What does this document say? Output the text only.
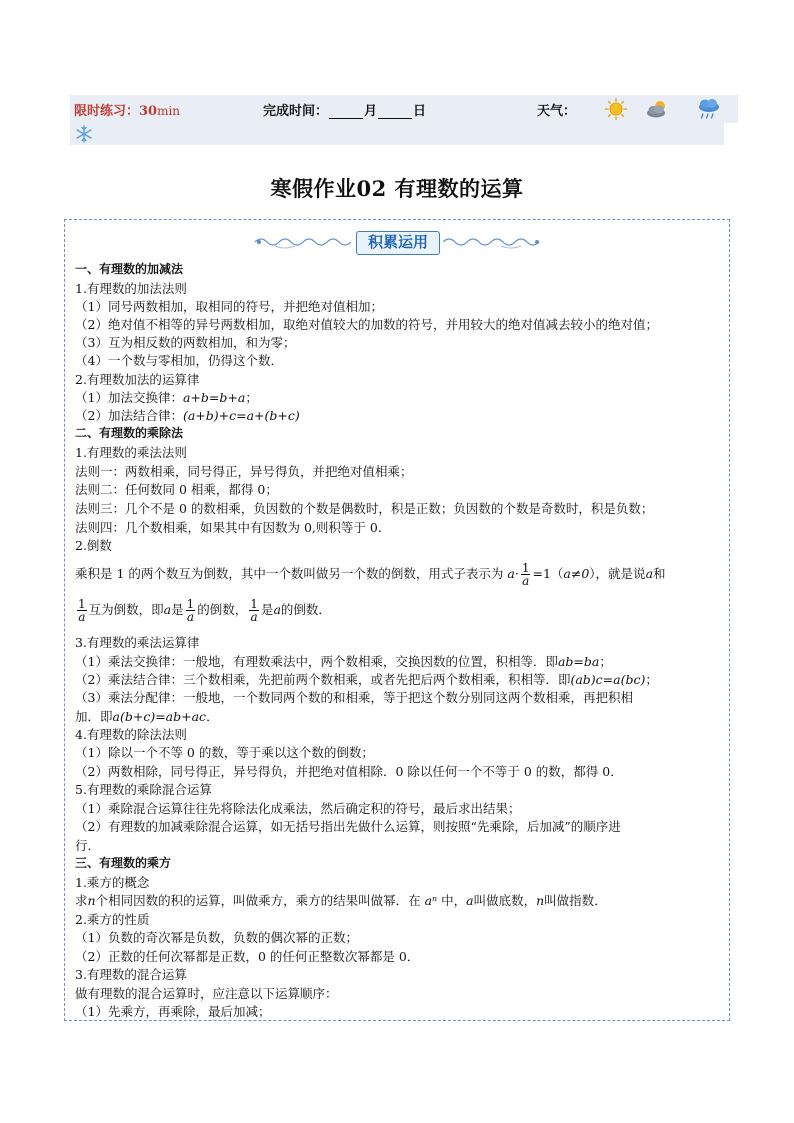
限时练习：30min	完成时间：	月	日	天气：
寒假作业02 有理数的运算
积累运用
一、有理数的加减法
1.有理数的加法法则
（1）同号两数相加，取相同的符号，并把绝对值相加；
（2）绝对值不相等的异号两数相加，取绝对值较大的加数的符号，并用较大的绝对值减去较小的绝对值；
（3）互为相反数的两数相加，和为零；
（4）一个数与零相加，仍得这个数．
2.有理数加法的运算律
（1）加法交换律：a+b=b+a；
（2）加法结合律：(a+b)+c=a+(b+c)
二、有理数的乘除法
1.有理数的乘法法则
法则一：两数相乘，同号得正，异号得负，并把绝对值相乘；
法则二：任何数同 0 相乘，都得 0；
法则三：几个不是 0 的数相乘，负因数的个数是偶数时，积是正数；负因数的个数是奇数时，积是负数；
法则四：几个数相乘，如果其中有因数为 0,则积等于 0.
2.倒数
乘积是 1 的两个数互为倒数，其中一个数叫做另一个数的倒数，用式子表示为 $a\cdot \frac{1}{a} =1(a\ne 0)$，就是说a和
$\frac{1}{a}$ 互为倒数，即a是 $\frac{1}{a}$ 的倒数， $\frac{1}{a}$ 是a的倒数．
3.有理数的乘法运算律
（1）乘法交换律：一般地，有理数乘法中，两个数相乘，交换因数的位置，积相等．即ab=ba；
（2）乘法结合律：三个数相乘，先把前两个数相乘，或者先把后两个数相乘，积相等．即(ab)c=a(bc)；
（3）乘法分配律：一般地，一个数同两个数的和相乘，等于把这个数分别同这两个数相乘，再把积相
加．即a(b+c)=ab+ac．
4.有理数的除法法则
（1）除以一个不等 0 的数，等于乘以这个数的倒数；
（2）两数相除，同号得正，异号得负，并把绝对值相除．0 除以任何一个不等于 0 的数，都得 0．
5.有理数的乘除混合运算
（1）乘除混合运算往往先将除法化成乘法，然后确定积的符号，最后求出结果；
（2）有理数的加减乘除混合运算，如无括号指出先做什么运算，则按照“先乘除，后加减”的顺序进
行．
三、有理数的乘方
1.乘方的概念
求n个相同因数的积的运算，叫做乘方，乘方的结果叫做幂．在 aⁿ 中，a叫做底数，n叫做指数．
2.乘方的性质
（1）负数的奇次幂是负数，负数的偶次幂的正数；
（2）正数的任何次幂都是正数，0 的任何正整数次幂都是 0．
3.有理数的混合运算
做有理数的混合运算时，应注意以下运算顺序：
（1）先乘方，再乘除，最后加减；
